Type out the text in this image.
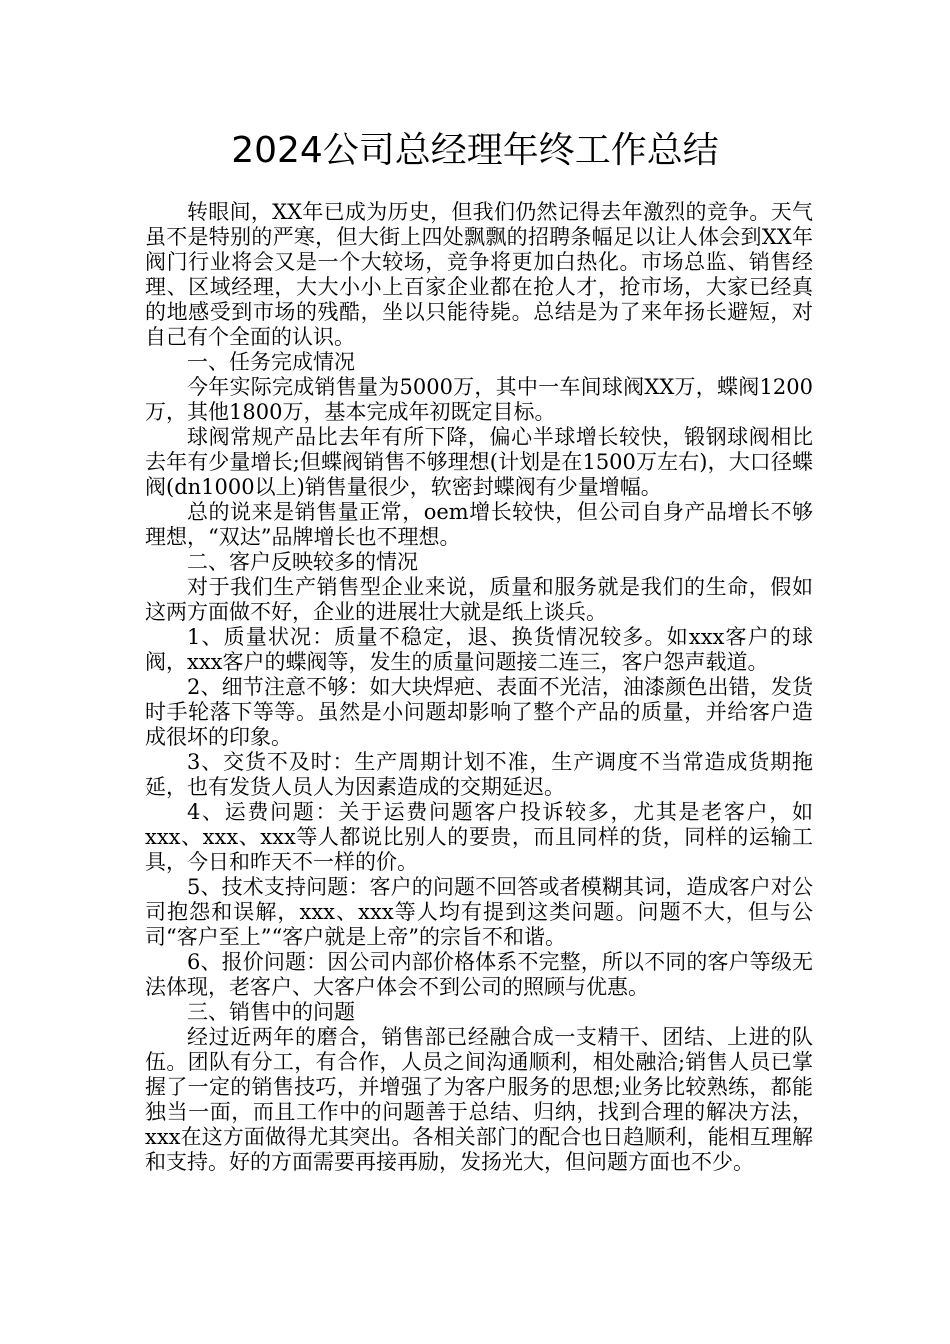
2024公司总经理年终工作总结

转眼间，XX年已成为历史，但我们仍然记得去年激烈的竞争。天气虽不是特别的严寒，但大街上四处飘飘的招聘条幅足以让人体会到XX年阀门行业将会又是一个大较场，竞争将更加白热化。市场总监、销售经理、区域经理，大大小小上百家企业都在抢人才，抢市场，大家已经真的地感受到市场的残酷，坐以只能待毙。总结是为了来年扬长避短，对自己有个全面的认识。

一、任务完成情况

今年实际完成销售量为5000万，其中一车间球阀XX万，蝶阀1200万，其他1800万，基本完成年初既定目标。

球阀常规产品比去年有所下降，偏心半球增长较快，锻钢球阀相比去年有少量增长;但蝶阀销售不够理想(计划是在1500万左右)，大口径蝶阀(dn1000以上)销售量很少，软密封蝶阀有少量增幅。

总的说来是销售量正常，oem增长较快，但公司自身产品增长不够理想，“双达”品牌增长也不理想。

二、客户反映较多的情况

对于我们生产销售型企业来说，质量和服务就是我们的生命，假如这两方面做不好，企业的进展壮大就是纸上谈兵。

1、质量状况：质量不稳定，退、换货情况较多。如xxx客户的球阀，xxx客户的蝶阀等，发生的质量问题接二连三，客户怨声载道。

2、细节注意不够：如大块焊疤、表面不光洁，油漆颜色出错，发货时手轮落下等等。虽然是小问题却影响了整个产品的质量，并给客户造成很坏的印象。

3、交货不及时：生产周期计划不准，生产调度不当常造成货期拖延，也有发货人员人为因素造成的交期延迟。

4、运费问题：关于运费问题客户投诉较多，尤其是老客户，如xxx、xxx、xxx等人都说比别人的要贵，而且同样的货，同样的运输工具，今日和昨天不一样的价。

5、技术支持问题：客户的问题不回答或者模糊其词，造成客户对公司抱怨和误解，xxx、xxx等人均有提到这类问题。问题不大，但与公司“客户至上”“客户就是上帝”的宗旨不和谐。

6、报价问题：因公司内部价格体系不完整，所以不同的客户等级无法体现，老客户、大客户体会不到公司的照顾与优惠。

三、销售中的问题

经过近两年的磨合，销售部已经融合成一支精干、团结、上进的队伍。团队有分工，有合作，人员之间沟通顺利，相处融洽;销售人员已掌握了一定的销售技巧，并增强了为客户服务的思想;业务比较熟练，都能独当一面，而且工作中的问题善于总结、归纳，找到合理的解决方法，xxx在这方面做得尤其突出。各相关部门的配合也日趋顺利，能相互理解和支持。好的方面需要再接再励，发扬光大，但问题方面也不少。
